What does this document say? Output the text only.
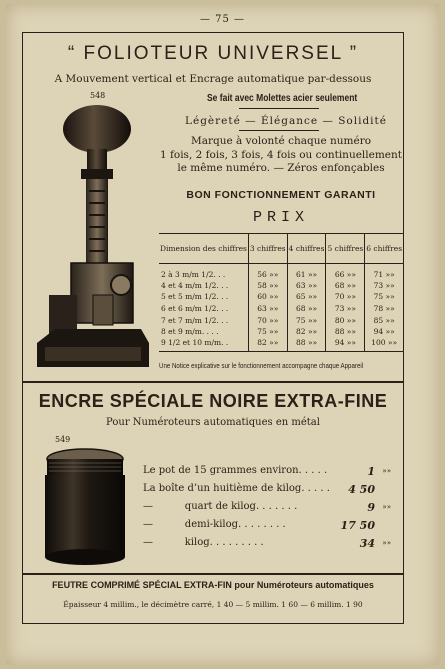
— 75 —
“ FOLIOTEUR UNIVERSEL ”
A Mouvement vertical et Encrage automatique par-dessous
548	Se fait avec Molettes acier seulement
Légèreté — Élégance — Solidité
Marque à volonté chaque numéro
1 fois, 2 fois, 3 fois, 4 fois ou continuellement
le même numéro. — Zéros enfonçables
BON FONCTIONNEMENT GARANTI
PRIX
Dimension des chiffres	3 chiffres	4 chiffres	5 chiffres	6 chiffres
2 à 3 m/m 1/2. . .	56 »»	61 »»	66 »»	71 »»
4 et 4 m/m 1/2. . .	58 »»	63 »»	68 »»	73 »»
5 et 5 m/m 1/2. . .	60 »»	65 »»	70 »»	75 »»
6 et 6 m/m 1/2. . .	63 »»	68 »»	73 »»	78 »»
7 et 7 m/m 1/2. . .	70 »»	75 »»	80 »»	85 »»
8 et 9 m/m. . . .	75 »»	82 »»	88 »»	94 »»
9 1/2 et 10 m/m. .	82 »»	88 »»	94 »»	100 »»
Une Notice explicative sur le fonctionnement accompagne chaque Appareil
ENCRE SPÉCIALE NOIRE EXTRA-FINE
Pour Numéroteurs automatiques en métal
549
Le pot de 15 grammes environ. . . . .	1 »»
La boîte d’un huitième de kilog. . . . . 4 50
—          quart de kilog. . . . . . .	9 »»
—          demi-kilog. . . . . . . .	17 50
—          kilog. . . . . . . . .	34 »»
FEUTRE COMPRIMÉ SPÉCIAL EXTRA-FIN pour Numéroteurs automatiques
Épaisseur 4 millim., le décimètre carré, 1 40 — 5 millim. 1 60 — 6 millim. 1 90
